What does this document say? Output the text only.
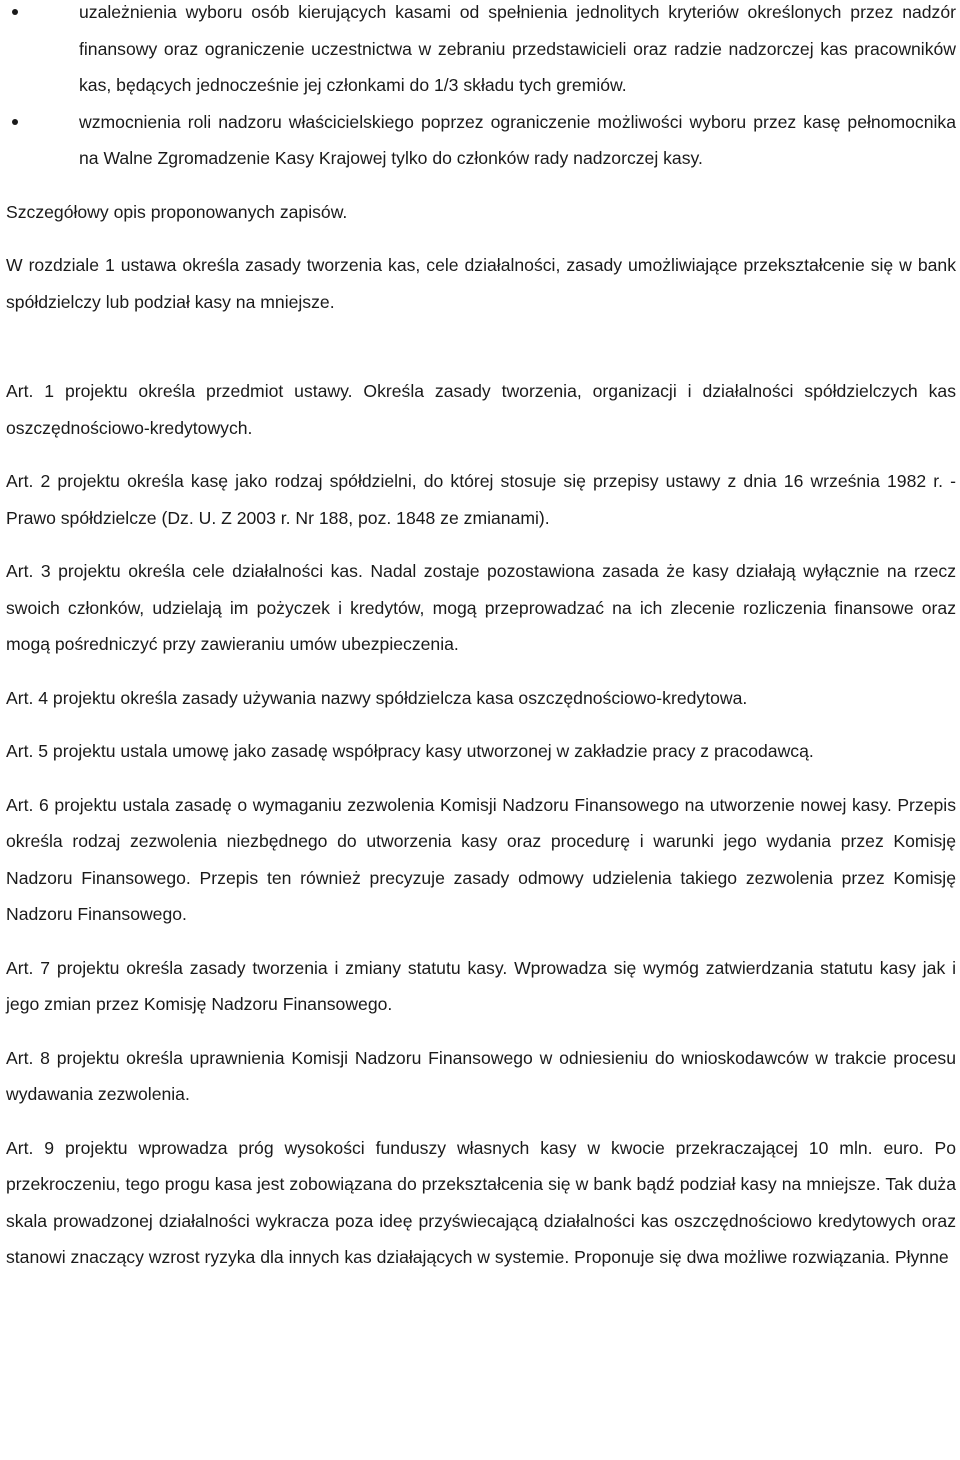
uzależnienia wyboru osób kierujących kasami od spełnienia jednolitych kryteriów określonych przez nadzór finansowy oraz ograniczenie uczestnictwa w zebraniu przedstawicieli oraz radzie nadzorczej kas pracowników kas, będących jednocześnie jej członkami do 1/3 składu tych gremiów.
wzmocnienia roli nadzoru właścicielskiego poprzez ograniczenie możliwości wyboru przez kasę pełnomocnika na Walne Zgromadzenie Kasy Krajowej tylko do członków rady nadzorczej kasy.

Szczegółowy opis proponowanych zapisów.

W rozdziale 1 ustawa określa zasady tworzenia kas, cele działalności, zasady umożliwiające przekształcenie się w bank spółdzielczy lub podział kasy na mniejsze.

Art. 1 projektu określa przedmiot ustawy. Określa zasady tworzenia, organizacji i działalności spółdzielczych kas oszczędnościowo-kredytowych.

Art. 2 projektu określa kasę jako rodzaj spółdzielni, do której stosuje się przepisy ustawy z dnia 16 września 1982 r. - Prawo spółdzielcze (Dz. U. Z 2003 r. Nr 188, poz. 1848 ze zmianami).

Art. 3 projektu określa cele działalności kas. Nadal zostaje pozostawiona zasada że kasy działają wyłącznie na rzecz swoich członków, udzielają im pożyczek i kredytów, mogą przeprowadzać na ich zlecenie rozliczenia finansowe oraz mogą pośredniczyć przy zawieraniu umów ubezpieczenia.

Art. 4 projektu określa zasady używania nazwy spółdzielcza kasa oszczędnościowo-kredytowa.

Art. 5 projektu ustala umowę jako zasadę współpracy kasy utworzonej w zakładzie pracy z pracodawcą.

Art. 6 projektu ustala zasadę o wymaganiu zezwolenia Komisji Nadzoru Finansowego na utworzenie nowej kasy. Przepis określa rodzaj zezwolenia niezbędnego do utworzenia kasy oraz procedurę i warunki jego wydania przez Komisję Nadzoru Finansowego. Przepis ten również precyzuje zasady odmowy udzielenia takiego zezwolenia przez Komisję Nadzoru Finansowego.

Art. 7 projektu określa zasady tworzenia i zmiany statutu kasy. Wprowadza się wymóg zatwierdzania statutu kasy jak i jego zmian przez Komisję Nadzoru Finansowego.

Art. 8 projektu określa uprawnienia Komisji Nadzoru Finansowego w odniesieniu do wnioskodawców w trakcie procesu wydawania zezwolenia.

Art. 9 projektu wprowadza próg wysokości funduszy własnych kasy w kwocie przekraczającej 10 mln. euro. Po przekroczeniu, tego progu kasa jest zobowiązana do przekształcenia się w bank bądź podział kasy na mniejsze. Tak duża skala prowadzonej działalności wykracza poza ideę przyświecającą działalności kas oszczędnościowo kredytowych oraz stanowi znaczący wzrost ryzyka dla innych kas działających w systemie. Proponuje się dwa możliwe rozwiązania. Płynne
